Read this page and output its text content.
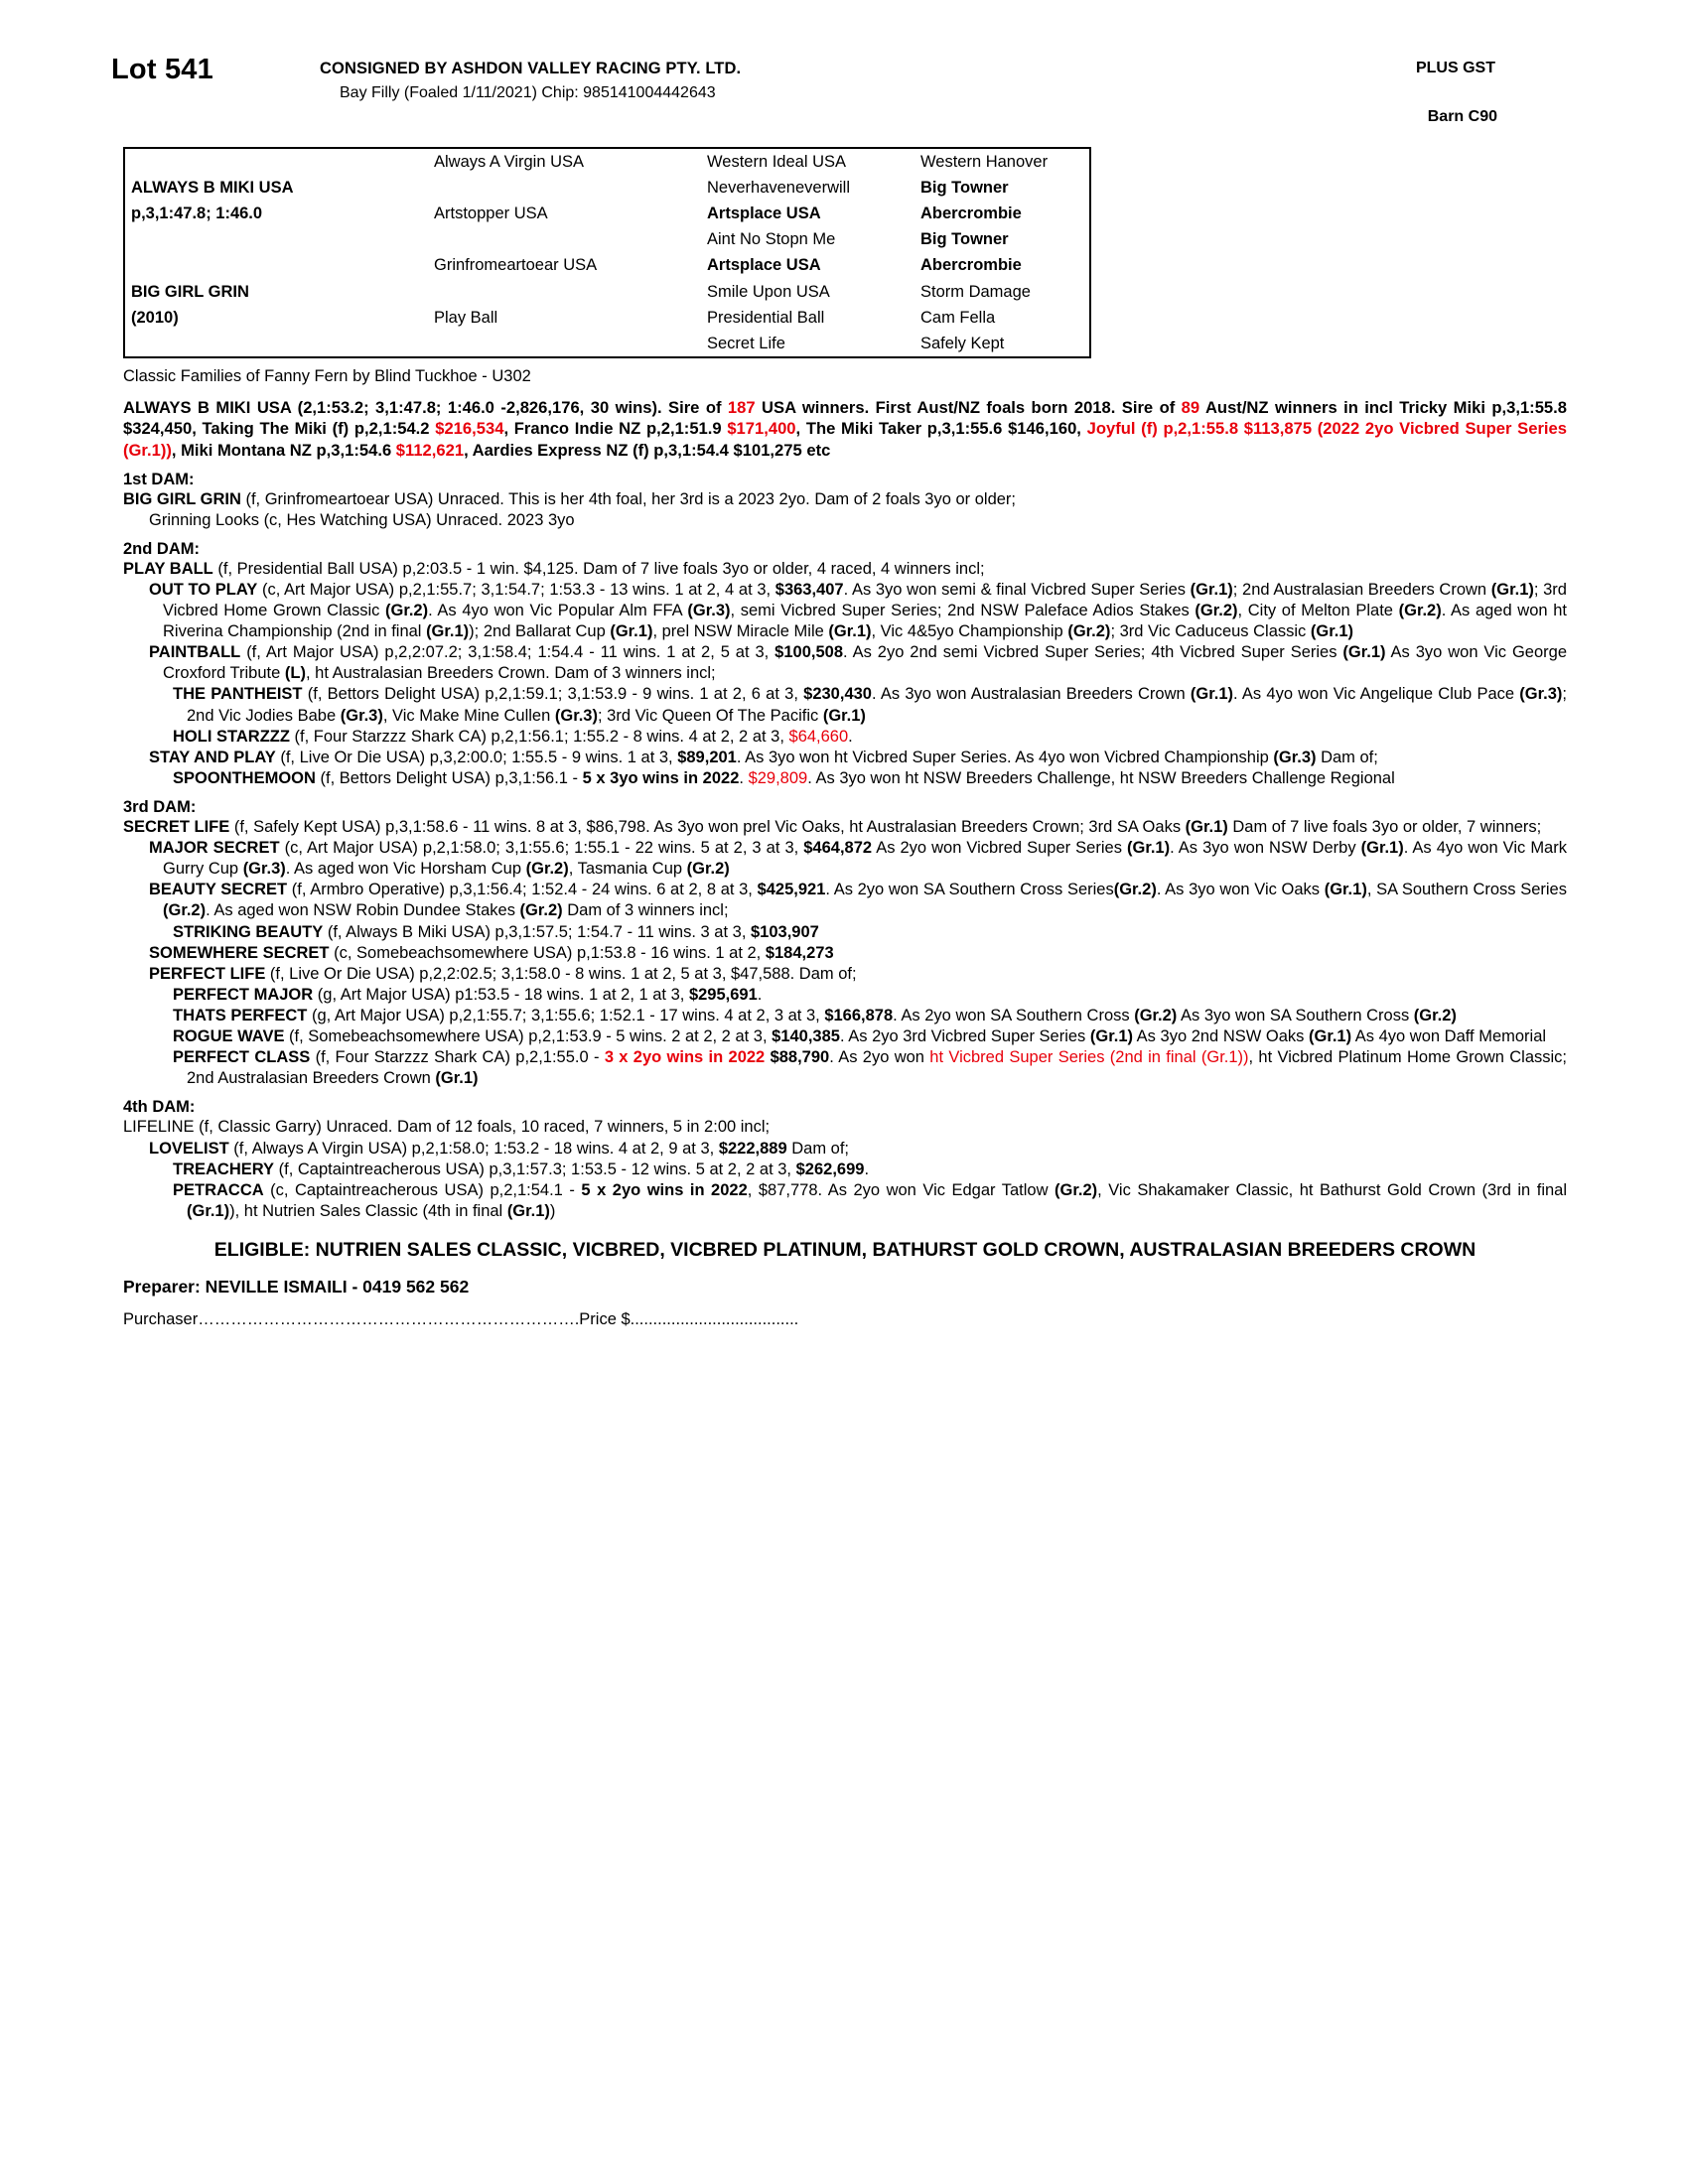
Lot 541	CONSIGNED BY ASHDON VALLEY RACING PTY. LTD.	PLUS GST
Bay Filly (Foaled 1/11/2021) Chip: 985141004442643
Barn C90
	Always A Virgin USA	Western Ideal USA	Western Hanover
ALWAYS B MIKI USA		Neverhaveneverwill	Big Towner
p,3,1:47.8; 1:46.0	Artstopper USA	Artsplace USA	Abercrombie
		Aint No Stopn Me	Big Towner
	Grinfromeartoear USA	Artsplace USA	Abercrombie
BIG GIRL GRIN		Smile Upon USA	Storm Damage
(2010)	Play Ball	Presidential Ball	Cam Fella
		Secret Life	Safely Kept
Classic Families of Fanny Fern by Blind Tuckhoe - U302
ALWAYS B MIKI USA (2,1:53.2; 3,1:47.8; 1:46.0 -2,826,176, 30 wins). Sire of 187 USA winners. First Aust/NZ foals born 2018. Sire of 89 Aust/NZ winners in incl Tricky Miki p,3,1:55.8 $324,450, Taking The Miki (f) p,2,1:54.2 $216,534, Franco Indie NZ p,2,1:51.9 $171,400, The Miki Taker p,3,1:55.6 $146,160, Joyful (f) p,2,1:55.8 $113,875 (2022 2yo Vicbred Super Series (Gr.1)), Miki Montana NZ p,3,1:54.6 $112,621, Aardies Express NZ (f) p,3,1:54.4 $101,275 etc
1st DAM:
BIG GIRL GRIN (f, Grinfromeartoear USA) Unraced. This is her 4th foal, her 3rd is a 2023 2yo. Dam of 2 foals 3yo or older;
Grinning Looks (c, Hes Watching USA) Unraced. 2023 3yo
2nd DAM:
PLAY BALL (f, Presidential Ball USA) p,2:03.5 - 1 win. $4,125. Dam of 7 live foals 3yo or older, 4 raced, 4 winners incl;
OUT TO PLAY (c, Art Major USA) p,2,1:55.7; 3,1:54.7; 1:53.3 - 13 wins. 1 at 2, 4 at 3, $363,407. As 3yo won semi & final Vicbred Super Series (Gr.1); 2nd Australasian Breeders Crown (Gr.1); 3rd Vicbred Home Grown Classic (Gr.2). As 4yo won Vic Popular Alm FFA (Gr.3), semi Vicbred Super Series; 2nd NSW Paleface Adios Stakes (Gr.2), City of Melton Plate (Gr.2). As aged won ht Riverina Championship (2nd in final (Gr.1)); 2nd Ballarat Cup (Gr.1), prel NSW Miracle Mile (Gr.1), Vic 4&5yo Championship (Gr.2); 3rd Vic Caduceus Classic (Gr.1)
PAINTBALL (f, Art Major USA) p,2,2:07.2; 3,1:58.4; 1:54.4 - 11 wins. 1 at 2, 5 at 3, $100,508. As 2yo 2nd semi Vicbred Super Series; 4th Vicbred Super Series (Gr.1) As 3yo won Vic George Croxford Tribute (L), ht Australasian Breeders Crown. Dam of 3 winners incl;
THE PANTHEIST (f, Bettors Delight USA) p,2,1:59.1; 3,1:53.9 - 9 wins. 1 at 2, 6 at 3, $230,430. As 3yo won Australasian Breeders Crown (Gr.1). As 4yo won Vic Angelique Club Pace (Gr.3); 2nd Vic Jodies Babe (Gr.3), Vic Make Mine Cullen (Gr.3); 3rd Vic Queen Of The Pacific (Gr.1)
HOLI STARZZZ (f, Four Starzzz Shark CA) p,2,1:56.1; 1:55.2 - 8 wins. 4 at 2, 2 at 3, $64,660.
STAY AND PLAY (f, Live Or Die USA) p,3,2:00.0; 1:55.5 - 9 wins. 1 at 3, $89,201. As 3yo won ht Vicbred Super Series. As 4yo won Vicbred Championship (Gr.3) Dam of;
SPOONTHEMOON (f, Bettors Delight USA) p,3,1:56.1 - 5 x 3yo wins in 2022. $29,809. As 3yo won ht NSW Breeders Challenge, ht NSW Breeders Challenge Regional
3rd DAM:
SECRET LIFE (f, Safely Kept USA) p,3,1:58.6 - 11 wins. 8 at 3, $86,798. As 3yo won prel Vic Oaks, ht Australasian Breeders Crown; 3rd SA Oaks (Gr.1) Dam of 7 live foals 3yo or older, 7 winners;
MAJOR SECRET (c, Art Major USA) p,2,1:58.0; 3,1:55.6; 1:55.1 - 22 wins. 5 at 2, 3 at 3, $464,872 As 2yo won Vicbred Super Series (Gr.1). As 3yo won NSW Derby (Gr.1). As 4yo won Vic Mark Gurry Cup (Gr.3). As aged won Vic Horsham Cup (Gr.2), Tasmania Cup (Gr.2)
BEAUTY SECRET (f, Armbro Operative) p,3,1:56.4; 1:52.4 - 24 wins. 6 at 2, 8 at 3, $425,921. As 2yo won SA Southern Cross Series(Gr.2). As 3yo won Vic Oaks (Gr.1), SA Southern Cross Series (Gr.2). As aged won NSW Robin Dundee Stakes (Gr.2) Dam of 3 winners incl;
STRIKING BEAUTY (f, Always B Miki USA) p,3,1:57.5; 1:54.7 - 11 wins. 3 at 3, $103,907
SOMEWHERE SECRET (c, Somebeachsomewhere USA) p,1:53.8 - 16 wins. 1 at 2, $184,273
PERFECT LIFE (f, Live Or Die USA) p,2,2:02.5; 3,1:58.0 - 8 wins. 1 at 2, 5 at 3, $47,588. Dam of;
PERFECT MAJOR (g, Art Major USA) p1:53.5 - 18 wins. 1 at 2, 1 at 3, $295,691.
THATS PERFECT (g, Art Major USA) p,2,1:55.7; 3,1:55.6; 1:52.1 - 17 wins. 4 at 2, 3 at 3, $166,878. As 2yo won SA Southern Cross (Gr.2) As 3yo won SA Southern Cross (Gr.2)
ROGUE WAVE (f, Somebeachsomewhere USA) p,2,1:53.9 - 5 wins. 2 at 2, 2 at 3, $140,385. As 2yo 3rd Vicbred Super Series (Gr.1) As 3yo 2nd NSW Oaks (Gr.1) As 4yo won Daff Memorial
PERFECT CLASS (f, Four Starzzz Shark CA) p,2,1:55.0 - 3 x 2yo wins in 2022 $88,790. As 2yo won ht Vicbred Super Series (2nd in final (Gr.1)), ht Vicbred Platinum Home Grown Classic; 2nd Australasian Breeders Crown (Gr.1)
4th DAM:
LIFELINE (f, Classic Garry) Unraced. Dam of 12 foals, 10 raced, 7 winners, 5 in 2:00 incl;
LOVELIST (f, Always A Virgin USA) p,2,1:58.0; 1:53.2 - 18 wins. 4 at 2, 9 at 3, $222,889 Dam of;
TREACHERY (f, Captaintreacherous USA) p,3,1:57.3; 1:53.5 - 12 wins. 5 at 2, 2 at 3, $262,699.
PETRACCA (c, Captaintreacherous USA) p,2,1:54.1 - 5 x 2yo wins in 2022, $87,778. As 2yo won Vic Edgar Tatlow (Gr.2), Vic Shakamaker Classic, ht Bathurst Gold Crown (3rd in final (Gr.1)), ht Nutrien Sales Classic (4th in final (Gr.1))
ELIGIBLE: NUTRIEN SALES CLASSIC, VICBRED, VICBRED PLATINUM, BATHURST GOLD CROWN, AUSTRALASIAN BREEDERS CROWN
Preparer: NEVILLE ISMAILI - 0419 562 562
Purchaser…………………………………………………………….Price $.....................................
